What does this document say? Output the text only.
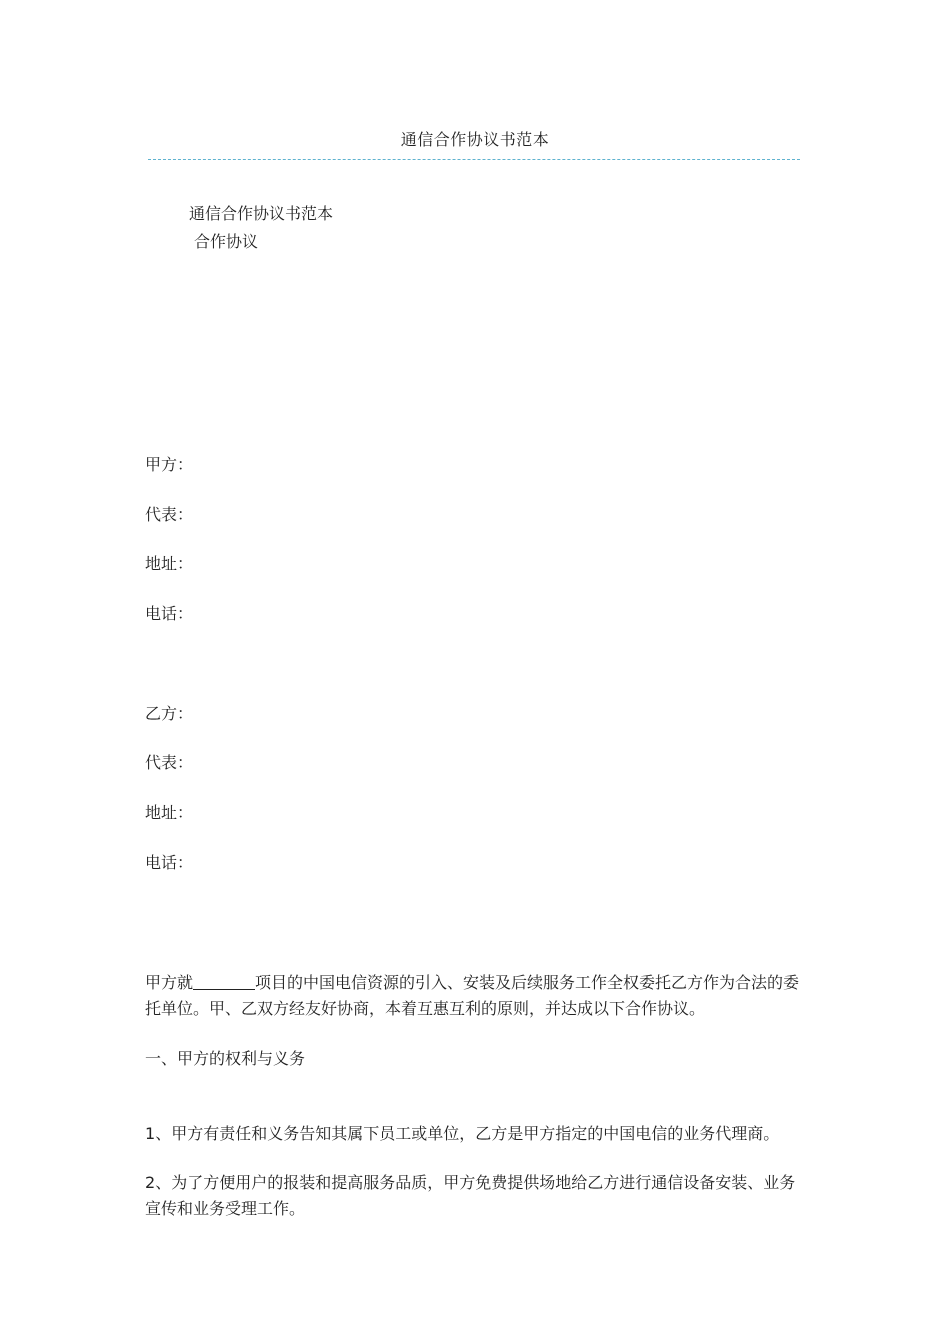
通信合作协议书范本
通信合作协议书范本
合作协议
甲方：
代表：
地址：
电话：
乙方：
代表：
地址：
电话：
甲方就	项目的中国电信资源的引入、安装及后续服务工作全权委托乙方作为合法的委托单位。甲、乙双方经友好协商，本着互惠互利的原则，并达成以下合作协议。
一、甲方的权利与义务
1、甲方有责任和义务告知其属下员工或单位，乙方是甲方指定的中国电信的业务代理商。
2、为了方便用户的报装和提高服务品质，甲方免费提供场地给乙方进行通信设备安装、业务宣传和业务受理工作。
